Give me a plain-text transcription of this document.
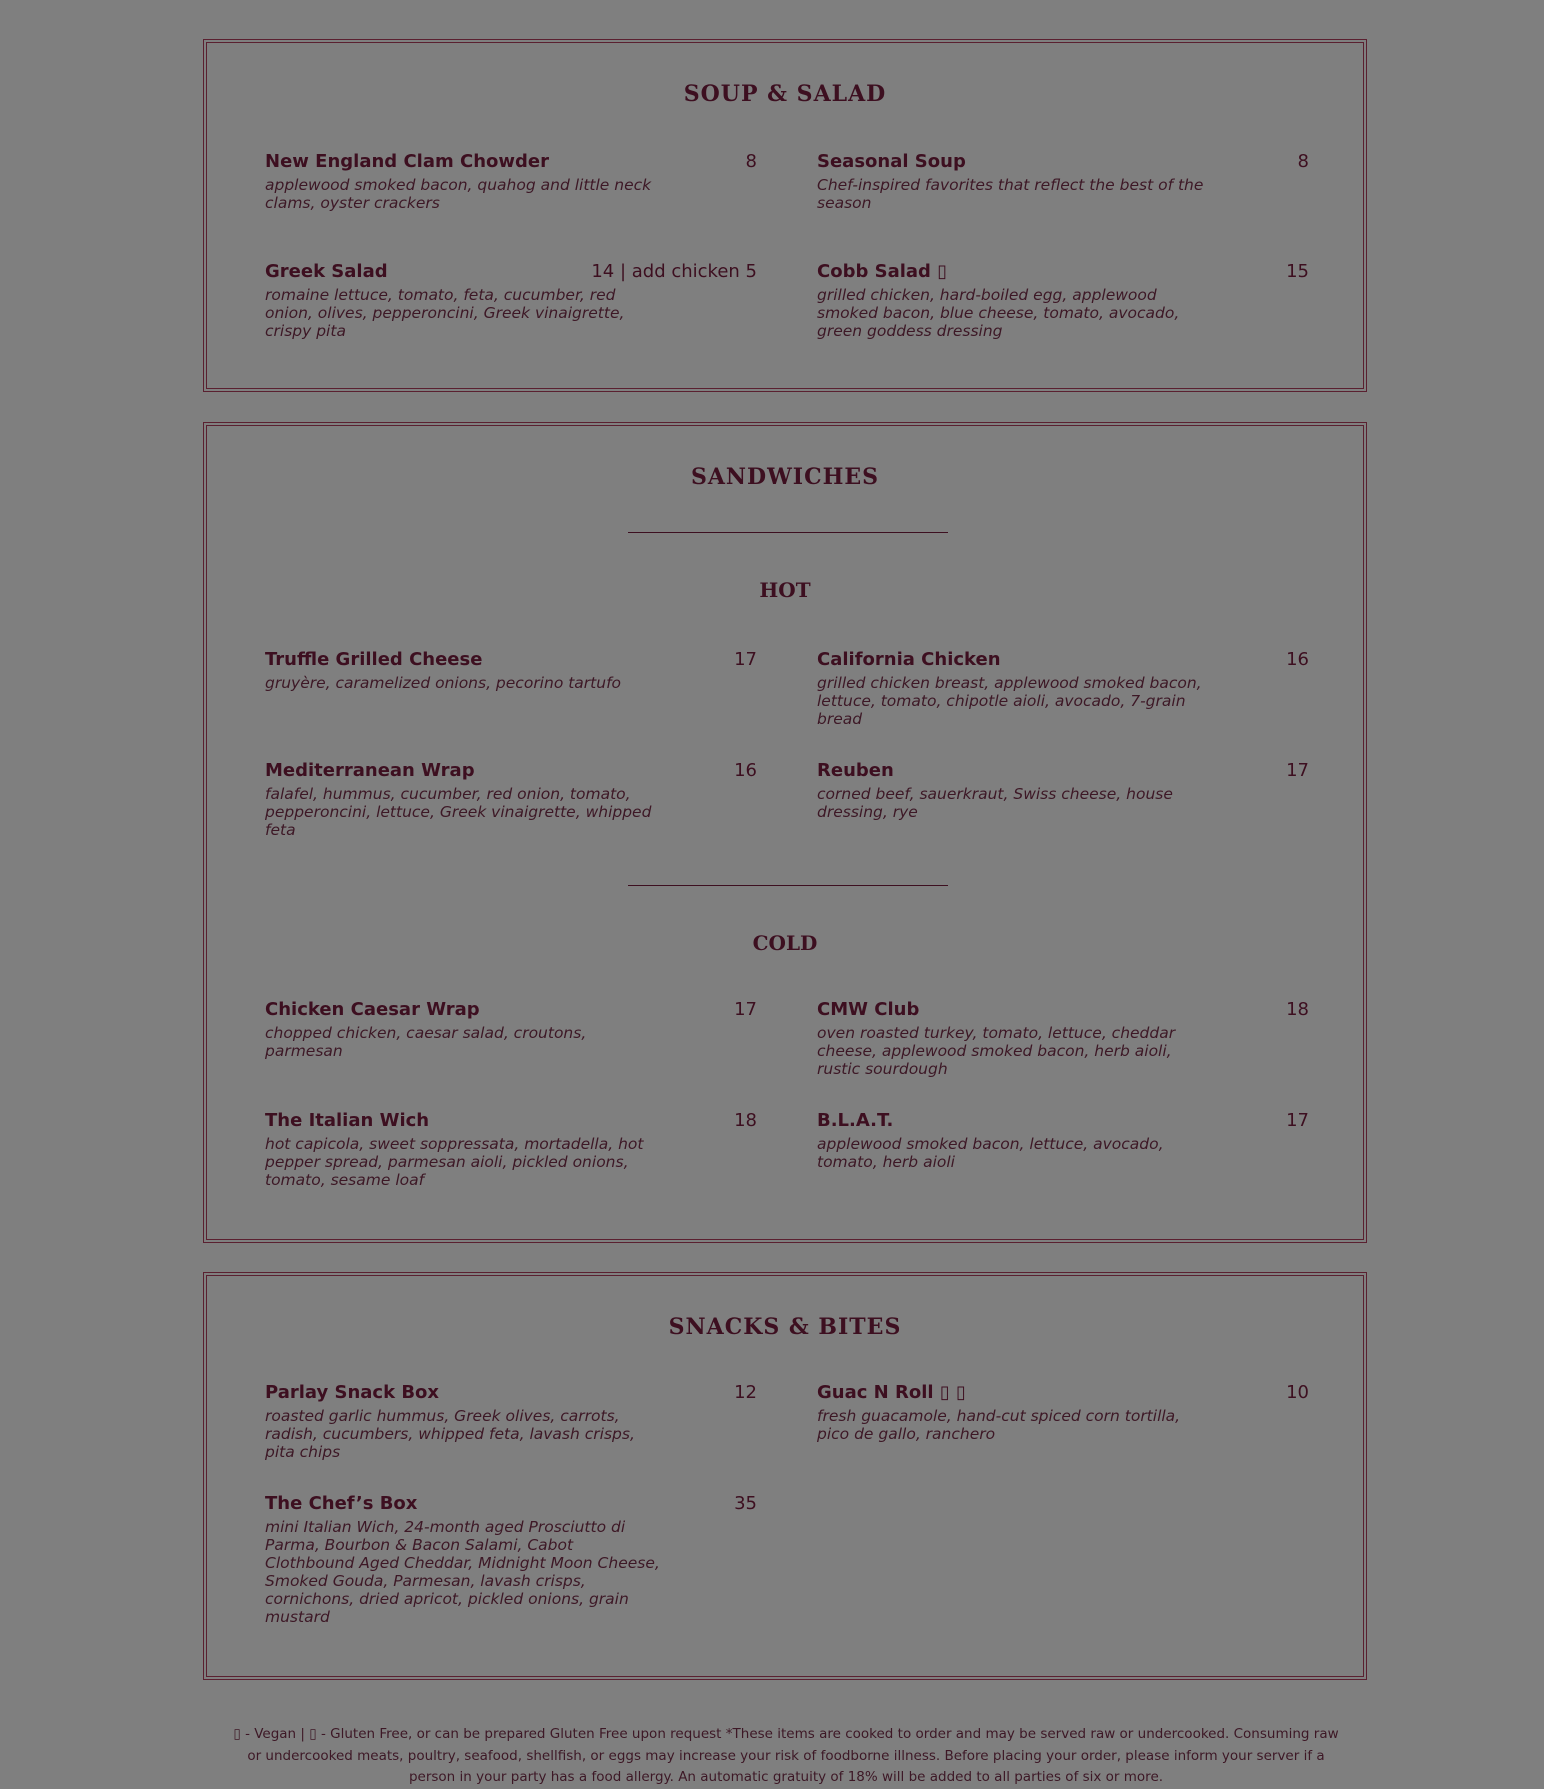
SOUP & SALAD
New England Clam Chowder	8
applewood smoked bacon, quahog and little neck clams, oyster crackers
Seasonal Soup	8
Chef-inspired favorites that reflect the best of the season
Greek Salad	14 | add chicken 5
romaine lettuce, tomato, feta, cucumber, red onion, olives, pepperoncini, Greek vinaigrette, crispy pita
Cobb Salad ▯	15
grilled chicken, hard-boiled egg, applewood smoked bacon, blue cheese, tomato, avocado, green goddess dressing
SANDWICHES
HOT
Truffle Grilled Cheese	17
gruyère, caramelized onions, pecorino tartufo
California Chicken	16
grilled chicken breast, applewood smoked bacon, lettuce, tomato, chipotle aioli, avocado, 7-grain bread
Mediterranean Wrap	16
falafel, hummus, cucumber, red onion, tomato, pepperoncini, lettuce, Greek vinaigrette, whipped feta
Reuben	17
corned beef, sauerkraut, Swiss cheese, house dressing, rye
COLD
Chicken Caesar Wrap	17
chopped chicken, caesar salad, croutons, parmesan
CMW Club	18
oven roasted turkey, tomato, lettuce, cheddar cheese, applewood smoked bacon, herb aioli, rustic sourdough
The Italian Wich	18
hot capicola, sweet soppressata, mortadella, hot pepper spread, parmesan aioli, pickled onions, tomato, sesame loaf
B.L.A.T.	17
applewood smoked bacon, lettuce, avocado, tomato, herb aioli
SNACKS & BITES
Parlay Snack Box	12
roasted garlic hummus, Greek olives, carrots, radish, cucumbers, whipped feta, lavash crisps, pita chips
Guac N Roll ▯ ▯	10
fresh guacamole, hand-cut spiced corn tortilla, pico de gallo, ranchero
The Chef’s Box	35
mini Italian Wich, 24-month aged Prosciutto di Parma, Bourbon & Bacon Salami, Cabot Clothbound Aged Cheddar, Midnight Moon Cheese, Smoked Gouda, Parmesan, lavash crisps, cornichons, dried apricot, pickled onions, grain mustard
▯ - Vegan | ▯ - Gluten Free, or can be prepared Gluten Free upon request *These items are cooked to order and may be served raw or undercooked. Consuming raw or undercooked meats, poultry, seafood, shellfish, or eggs may increase your risk of foodborne illness. Before placing your order, please inform your server if a person in your party has a food allergy. An automatic gratuity of 18% will be added to all parties of six or more.
